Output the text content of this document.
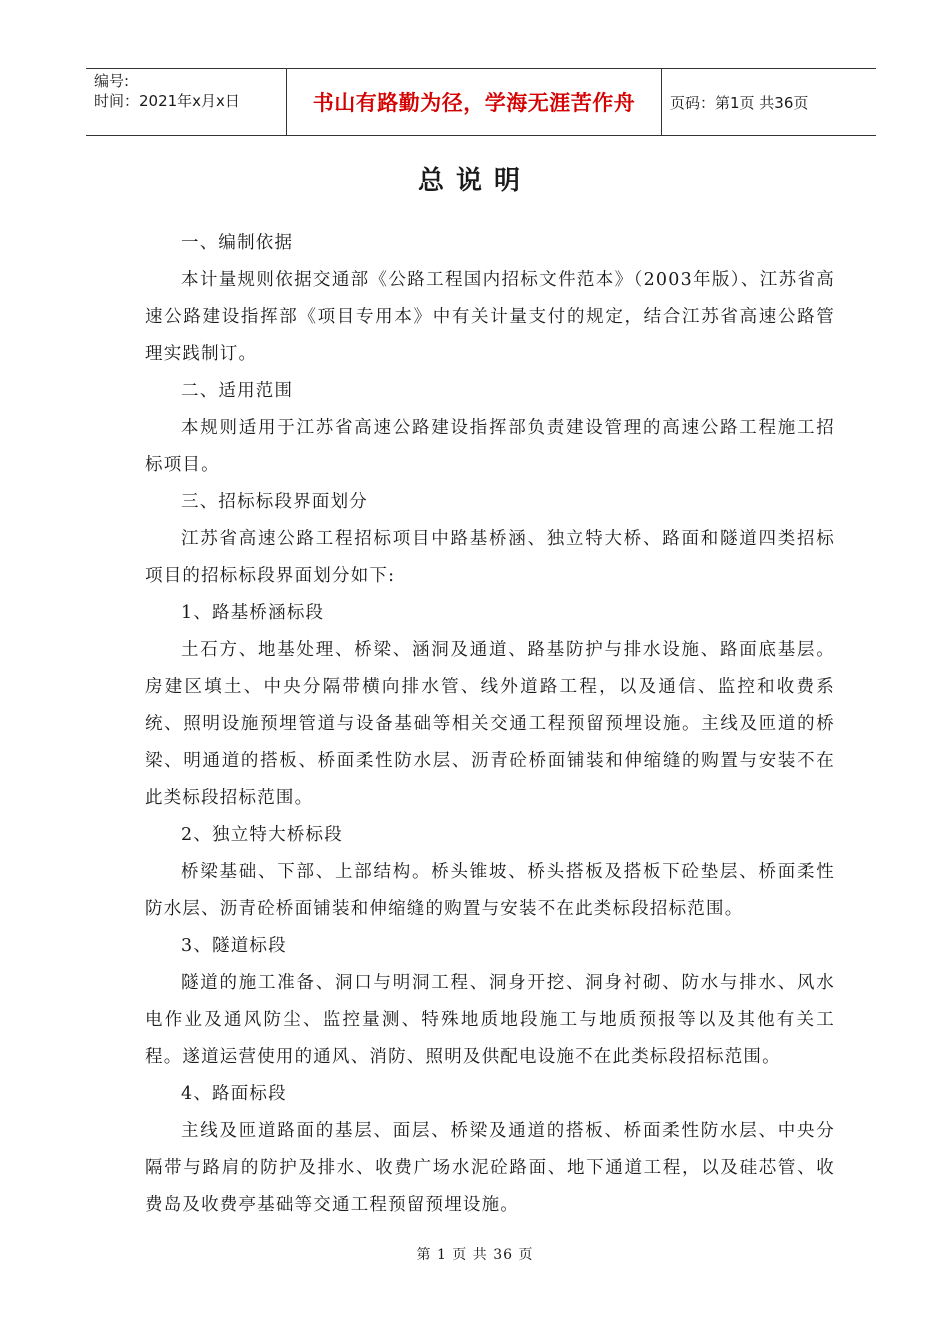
编号:
时间：2021年x月x日	书山有路勤为径，学海无涯苦作舟	页码：第1页 共36页
总说明

一、编制依据

本计量规则依据交通部《公路工程国内招标文件范本》（2003年版）、江苏省高速公路建设指挥部《项目专用本》中有关计量支付的规定，结合江苏省高速公路管理实践制订。

二、适用范围

本规则适用于江苏省高速公路建设指挥部负责建设管理的高速公路工程施工招标项目。

三、招标标段界面划分

江苏省高速公路工程招标项目中路基桥涵、独立特大桥、路面和隧道四类招标项目的招标标段界面划分如下:

1、路基桥涵标段

土石方、地基处理、桥梁、涵洞及通道、路基防护与排水设施、路面底基层。房建区填土、中央分隔带横向排水管、线外道路工程，以及通信、监控和收费系统、照明设施预埋管道与设备基础等相关交通工程预留预埋设施。主线及匝道的桥梁、明通道的搭板、桥面柔性防水层、沥青砼桥面铺装和伸缩缝的购置与安装不在此类标段招标范围。

2、独立特大桥标段

桥梁基础、下部、上部结构。桥头锥坡、桥头搭板及搭板下砼垫层、桥面柔性防水层、沥青砼桥面铺装和伸缩缝的购置与安装不在此类标段招标范围。

3、隧道标段

隧道的施工准备、洞口与明洞工程、洞身开挖、洞身衬砌、防水与排水、风水电作业及通风防尘、监控量测、特殊地质地段施工与地质预报等以及其他有关工程。遂道运营使用的通风、消防、照明及供配电设施不在此类标段招标范围。

4、路面标段

主线及匝道路面的基层、面层、桥梁及通道的搭板、桥面柔性防水层、中央分隔带与路肩的防护及排水、收费广场水泥砼路面、地下通道工程，以及硅芯管、收费岛及收费亭基础等交通工程预留预埋设施。

第 1 页 共 36 页
